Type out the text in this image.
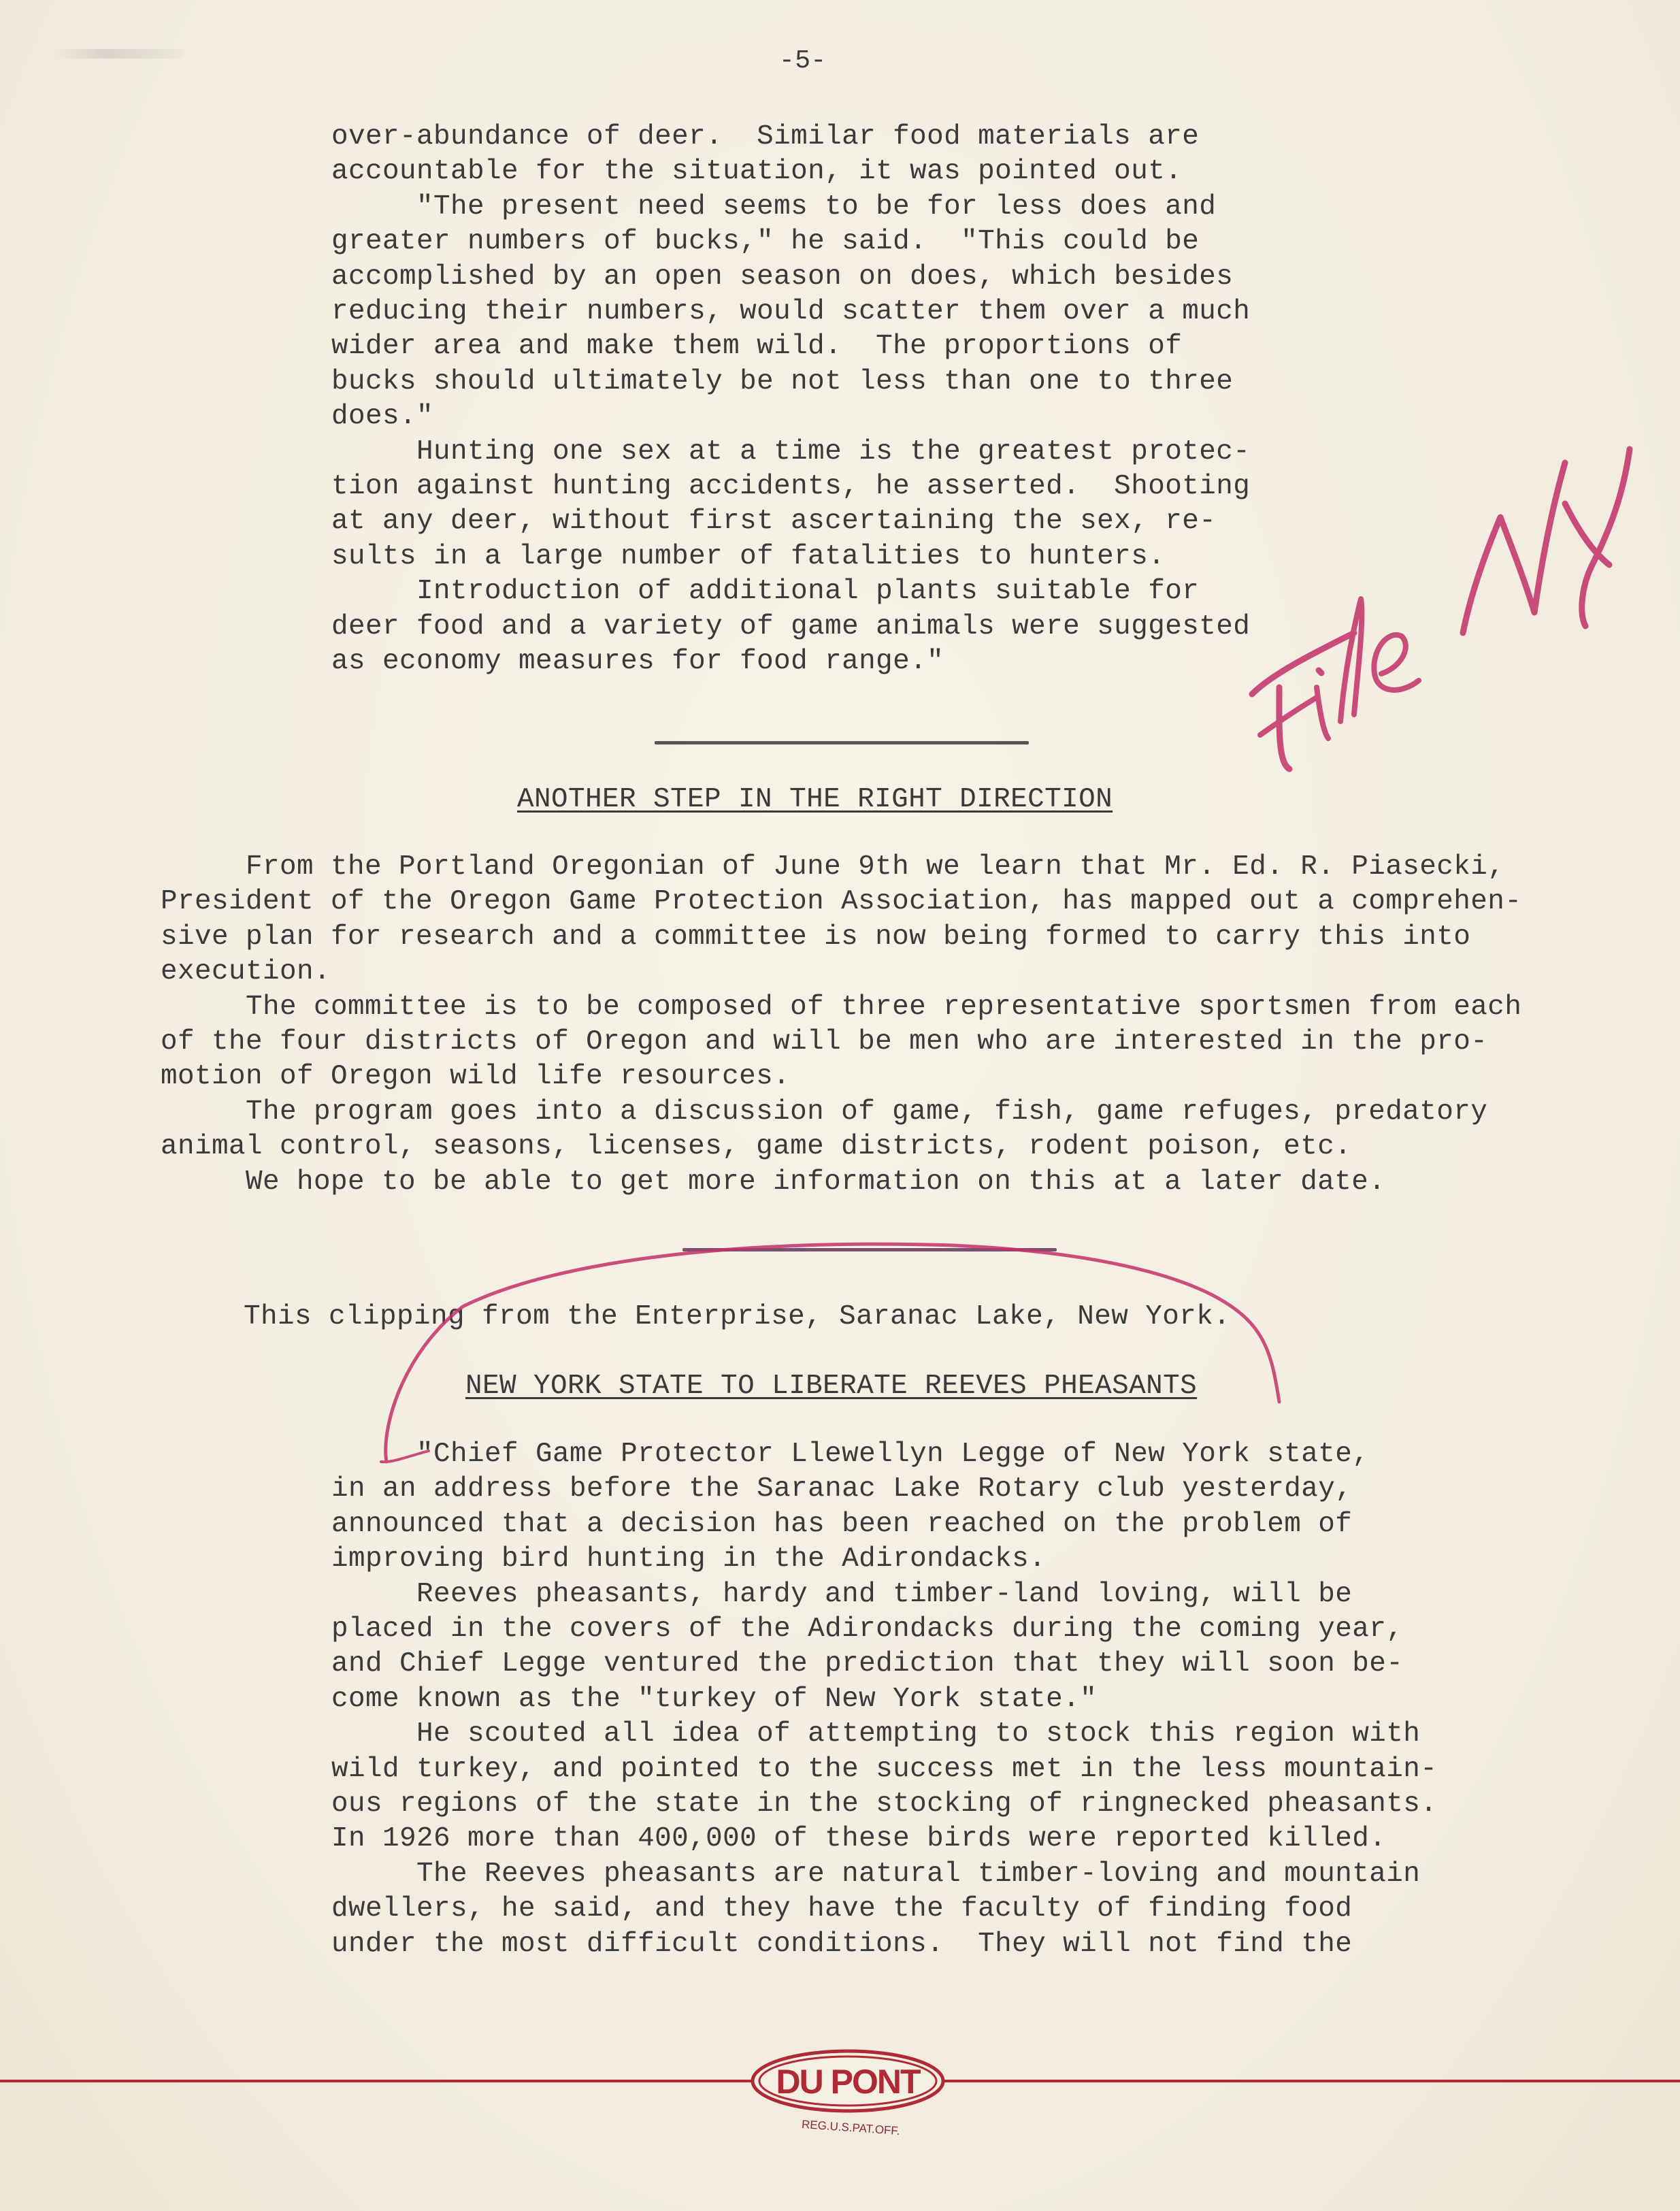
-5-
over-abundance of deer.  Similar food materials are
accountable for the situation, it was pointed out.
"The present need seems to be for less does and
greater numbers of bucks," he said.  "This could be
accomplished by an open season on does, which besides
reducing their numbers, would scatter them over a much
wider area and make them wild.  The proportions of
bucks should ultimately be not less than one to three
does."
Hunting one sex at a time is the greatest protec-
tion against hunting accidents, he asserted.  Shooting
at any deer, without first ascertaining the sex, re-
sults in a large number of fatalities to hunters.
Introduction of additional plants suitable for
deer food and a variety of game animals were suggested
as economy measures for food range."
ANOTHER STEP IN THE RIGHT DIRECTION
From the Portland Oregonian of June 9th we learn that Mr. Ed. R. Piasecki,
President of the Oregon Game Protection Association, has mapped out a comprehen-
sive plan for research and a committee is now being formed to carry this into
execution.
The committee is to be composed of three representative sportsmen from each
of the four districts of Oregon and will be men who are interested in the pro-
motion of Oregon wild life resources.
The program goes into a discussion of game, fish, game refuges, predatory
animal control, seasons, licenses, game districts, rodent poison, etc.
We hope to be able to get more information on this at a later date.
This clipping from the Enterprise, Saranac Lake, New York.
NEW YORK STATE TO LIBERATE REEVES PHEASANTS
"Chief Game Protector Llewellyn Legge of New York state,
in an address before the Saranac Lake Rotary club yesterday,
announced that a decision has been reached on the problem of
improving bird hunting in the Adirondacks.
Reeves pheasants, hardy and timber-land loving, will be
placed in the covers of the Adirondacks during the coming year,
and Chief Legge ventured the prediction that they will soon be-
come known as the "turkey of New York state."
He scouted all idea of attempting to stock this region with
wild turkey, and pointed to the success met in the less mountain-
ous regions of the state in the stocking of ringnecked pheasants.
In 1926 more than 400,000 of these birds were reported killed.
The Reeves pheasants are natural timber-loving and mountain
dwellers, he said, and they have the faculty of finding food
under the most difficult conditions.  They will not find the
DU PONT
REG.U.S.PAT.OFF.
